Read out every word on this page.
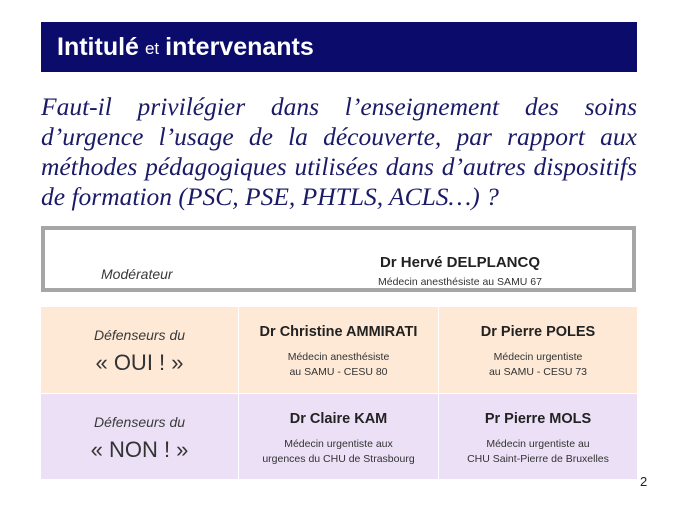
Intitulé et intervenants
Faut-il privilégier dans l’enseignement des soins d’urgence l’usage de la découverte, par rapport aux méthodes pédagogiques utilisées dans d’autres dispositifs de formation (PSC, PSE, PHTLS, ACLS…) ?
Modérateur
Dr Hervé DELPLANCQ
Médecin anesthésiste au SAMU 67
Défenseurs du
« OUI ! »
Dr Christine AMMIRATI
Médecin anesthésiste
au SAMU - CESU 80
Dr Pierre POLES
Médecin urgentiste
au SAMU - CESU 73
Défenseurs du
« NON ! »
Dr Claire KAM
Médecin urgentiste aux
urgences du CHU de Strasbourg
Pr Pierre MOLS
Médecin urgentiste au
CHU Saint-Pierre de Bruxelles
2
